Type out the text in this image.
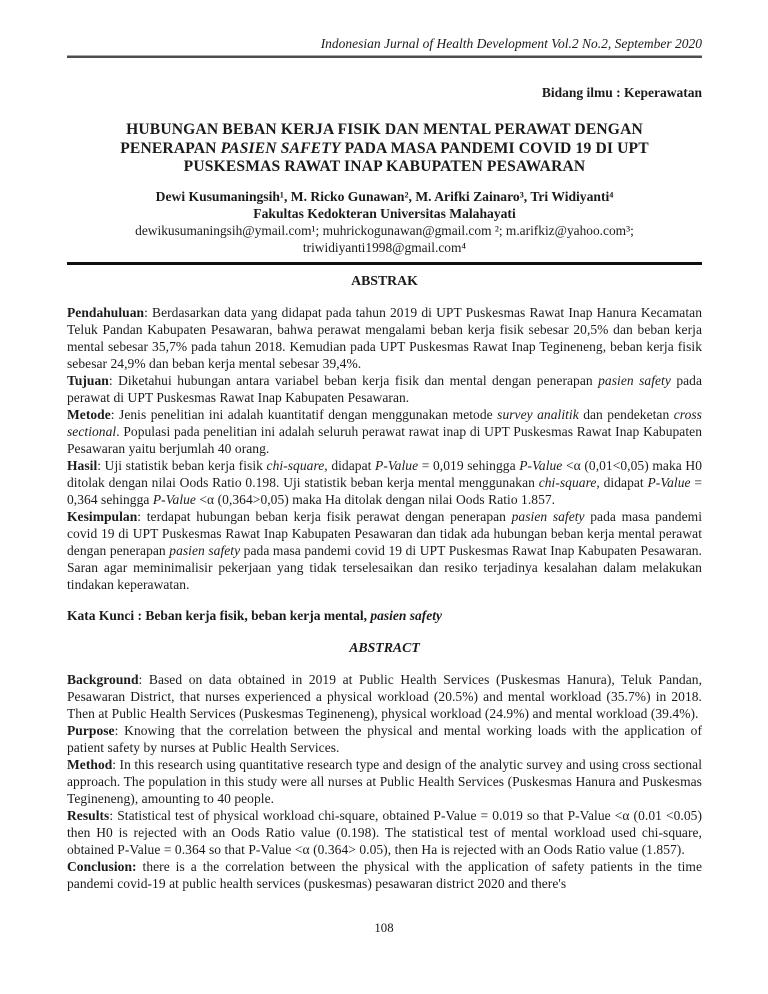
Indonesian Jurnal of Health Development Vol.2 No.2, September 2020
Bidang ilmu : Keperawatan
HUBUNGAN BEBAN KERJA FISIK DAN MENTAL PERAWAT DENGAN PENERAPAN PASIEN SAFETY PADA MASA PANDEMI COVID 19 DI UPT PUSKESMAS RAWAT INAP KABUPATEN PESAWARAN
Dewi Kusumaningsih¹, M. Ricko Gunawan², M. Arifki Zainaro³, Tri Widiyanti⁴
Fakultas Kedokteran Universitas Malahayati
dewikusumaningsih@ymail.com¹; muhrickogunawan@gmail.com ²; m.arifkiz@yahoo.com³; triwidiyanti1998@gmail.com⁴
ABSTRAK

Pendahuluan: Berdasarkan data yang didapat pada tahun 2019 di UPT Puskesmas Rawat Inap Hanura Kecamatan Teluk Pandan Kabupaten Pesawaran, bahwa perawat mengalami beban kerja fisik sebesar 20,5% dan beban kerja mental sebesar 35,7% pada tahun 2018. Kemudian pada UPT Puskesmas Rawat Inap Tegineneng, beban kerja fisik sebesar 24,9% dan beban kerja mental sebesar 39,4%.

Tujuan: Diketahui hubungan antara variabel beban kerja fisik dan mental dengan penerapan pasien safety pada perawat di UPT Puskesmas Rawat Inap Kabupaten Pesawaran.

Metode: Jenis penelitian ini adalah kuantitatif dengan menggunakan metode survey analitik dan pendeketan cross sectional. Populasi pada penelitian ini adalah seluruh perawat rawat inap di UPT Puskesmas Rawat Inap Kabupaten Pesawaran yaitu berjumlah 40 orang.

Hasil: Uji statistik beban kerja fisik chi-square, didapat P-Value = 0,019 sehingga P-Value <α (0,01<0,05) maka H0 ditolak dengan nilai Oods Ratio 0.198. Uji statistik beban kerja mental menggunakan chi-square, didapat P-Value = 0,364 sehingga P-Value <α (0,364>0,05) maka Ha ditolak dengan nilai Oods Ratio 1.857.

Kesimpulan: terdapat hubungan beban kerja fisik perawat dengan penerapan pasien safety pada masa pandemi covid 19 di UPT Puskesmas Rawat Inap Kabupaten Pesawaran dan tidak ada hubungan beban kerja mental perawat dengan penerapan pasien safety pada masa pandemi covid 19 di UPT Puskesmas Rawat Inap Kabupaten Pesawaran. Saran agar meminimalisir pekerjaan yang tidak terselesaikan dan resiko terjadinya kesalahan dalam melakukan tindakan keperawatan.

Kata Kunci : Beban kerja fisik, beban kerja mental, pasien safety
ABSTRACT

Background: Based on data obtained in 2019 at Public Health Services (Puskesmas Hanura), Teluk Pandan, Pesawaran District, that nurses experienced a physical workload (20.5%) and mental workload (35.7%) in 2018. Then at Public Health Services (Puskesmas Tegineneng), physical workload (24.9%) and mental workload (39.4%).

Purpose: Knowing that the correlation between the physical and mental working loads with the application of patient safety by nurses at Public Health Services.

Method: In this research using quantitative research type and design of the analytic survey and using cross sectional approach. The population in this study were all nurses at Public Health Services (Puskesmas Hanura and Puskesmas Tegineneng), amounting to 40 people.

Results: Statistical test of physical workload chi-square, obtained P-Value = 0.019 so that P-Value <α (0.01 <0.05) then H0 is rejected with an Oods Ratio value (0.198). The statistical test of mental workload used chi-square, obtained P-Value = 0.364 so that P-Value <α (0.364> 0.05), then Ha is rejected with an Oods Ratio value (1.857).

Conclusion: there is a the correlation between the physical with the application of safety patients in the time pandemi covid-19 at public health services (puskesmas) pesawaran district 2020 and there's

108
